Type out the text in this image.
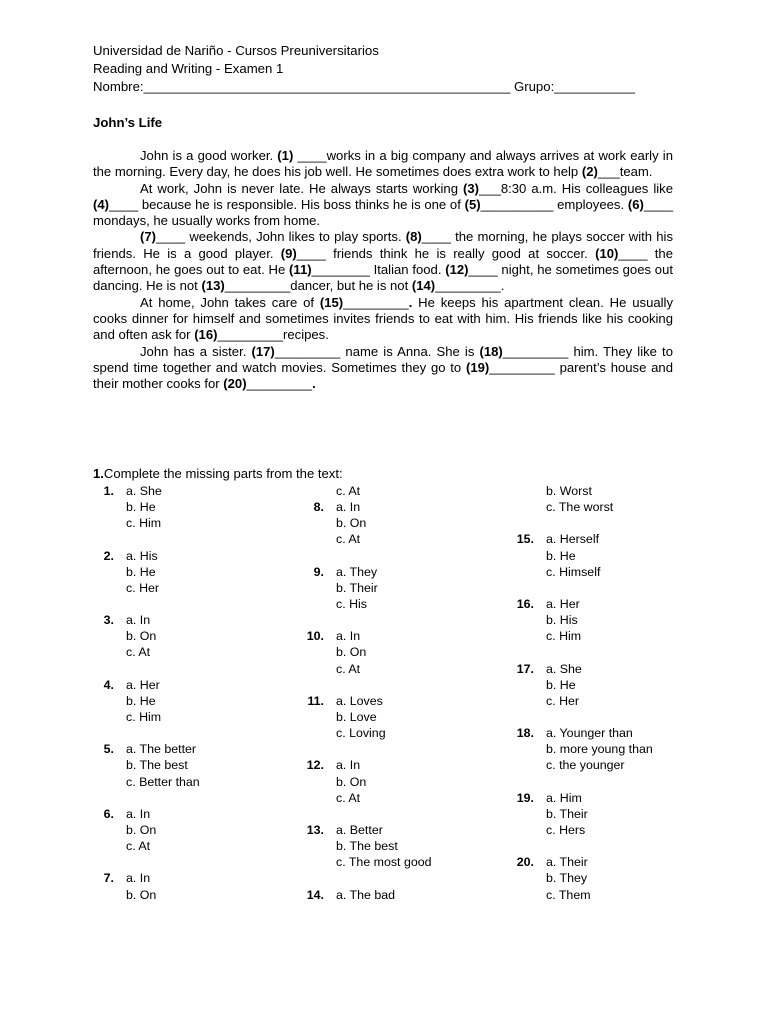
Universidad de Nariño - Cursos Preuniversitarios
Reading and Writing - Examen 1
Nombre:__________________________________________________ Grupo:___________
John’s Life

John is a good worker. (1) ____works in a big company and always arrives at work early in the morning. Every day, he does his job well. He sometimes does extra work to help (2)___team.

At work, John is never late. He always starts working (3)___8:30 a.m. His colleagues like (4)____ because he is responsible. His boss thinks he is one of (5)__________ employees. (6)____ mondays, he usually works from home.

(7)____ weekends, John likes to play sports. (8)____ the morning, he plays soccer with his friends. He is a good player. (9)____ friends think he is really good at soccer. (10)____ the afternoon, he goes out to eat. He (11)________ Italian food. (12)____ night, he sometimes goes out dancing. He is not (13)_________dancer, but he is not (14)_________.

At home, John takes care of (15)_________. He keeps his apartment clean. He usually cooks dinner for himself and sometimes invites friends to eat with him. His friends like his cooking and often ask for (16)_________recipes.

John has a sister. (17)_________ name is Anna. She is (18)_________ him. They like to spend time together and watch movies. Sometimes they go to (19)_________ parent’s house and their mother cooks for (20)_________.

1.Complete the missing parts from the text:
1. a. She
b. He
c. Him
2. a. His
b. He
c. Her
3. a. In
b. On
c. At
4. a. Her
b. He
c. Him
5. a. The better
b. The best
c. Better than
6. a. In
b. On
c. At
7. a. In
b. On
c. At
8. a. In
b. On
c. At
9. a. They
b. Their
c. His
10. a. In
b. On
c. At
11. a. Loves
b. Love
c. Loving
12. a. In
b. On
c. At
13. a. Better
b. The best
c. The most good
14. a. The bad
b. Worst
c. The worst
15. a. Herself
b. He
c. Himself
16. a. Her
b. His
c. Him
17. a. She
b. He
c. Her
18. a. Younger than
b. more young than
c. the younger
19. a. Him
b. Their
c. Hers
20. a. Their
b. They
c. Them
